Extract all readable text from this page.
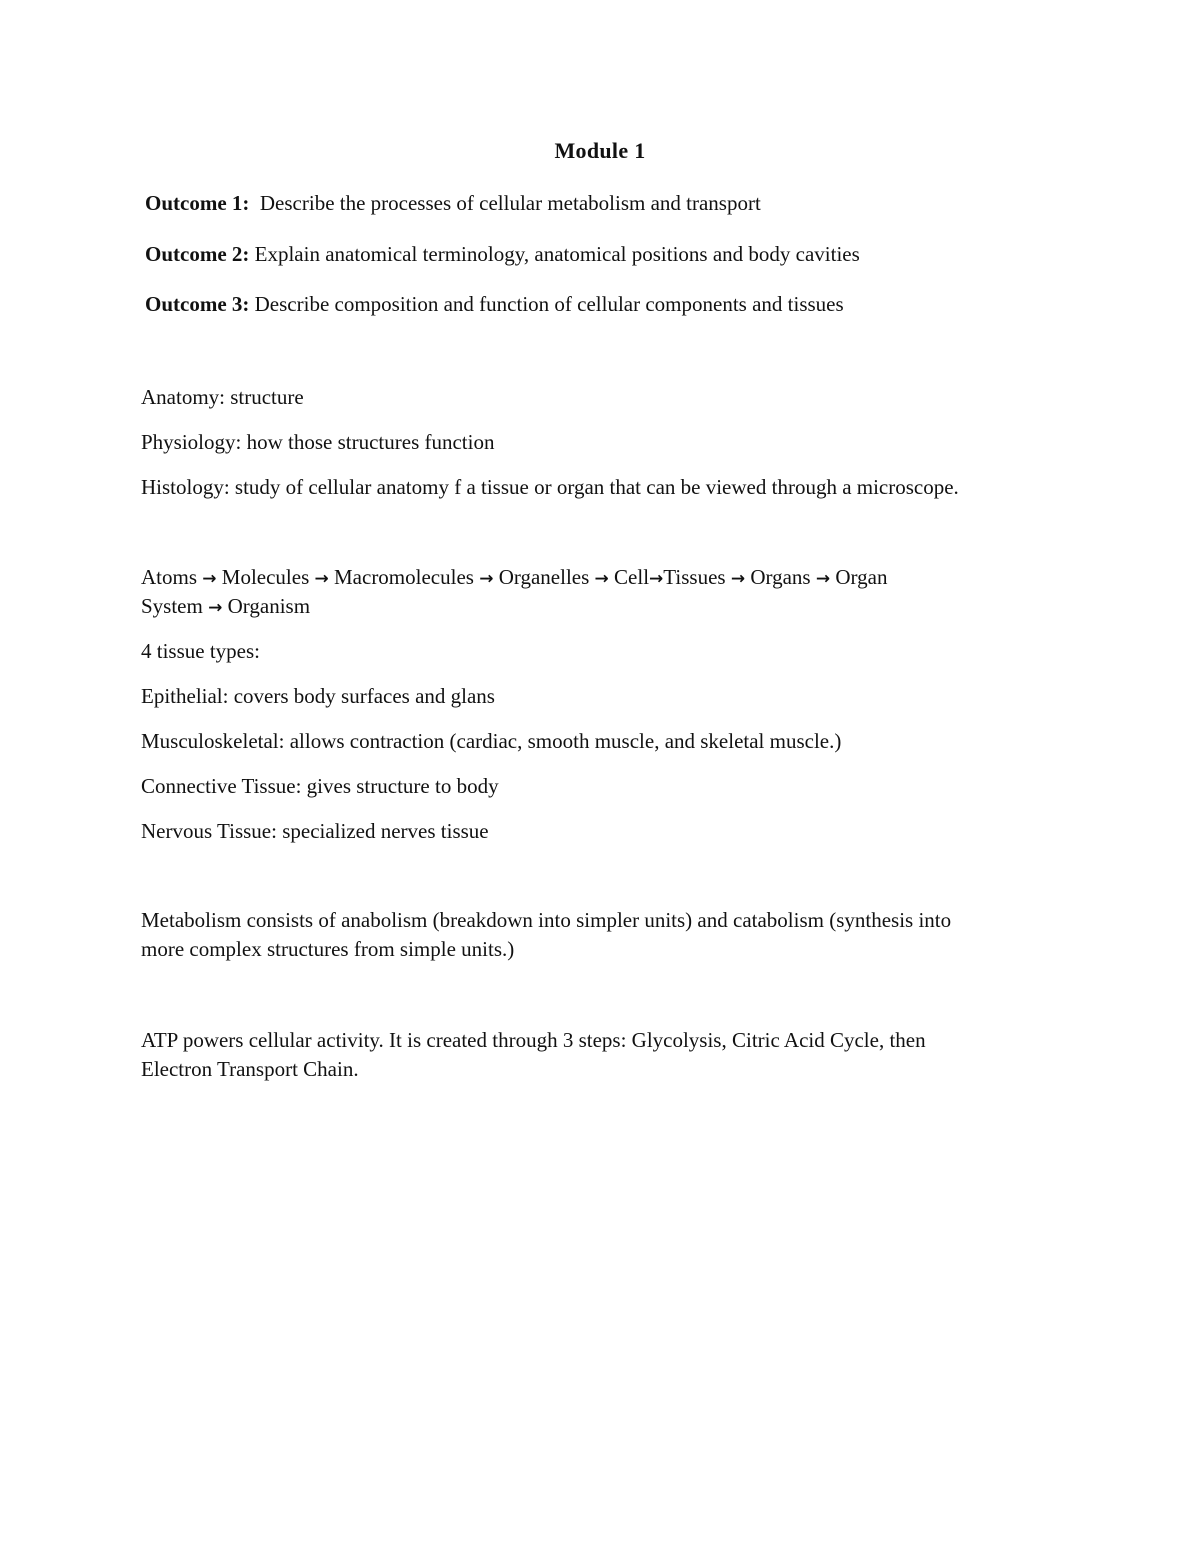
Module 1
Outcome 1:  Describe the processes of cellular metabolism and transport
Outcome 2: Explain anatomical terminology, anatomical positions and body cavities
Outcome 3: Describe composition and function of cellular components and tissues
Anatomy: structure
Physiology: how those structures function
Histology: study of cellular anatomy f a tissue or organ that can be viewed through a microscope.
Atoms → Molecules → Macromolecules → Organelles → Cell→Tissues → Organs → Organ
System → Organism
4 tissue types:
Epithelial: covers body surfaces and glans
Musculoskeletal: allows contraction (cardiac, smooth muscle, and skeletal muscle.)
Connective Tissue: gives structure to body
Nervous Tissue: specialized nerves tissue
Metabolism consists of anabolism (breakdown into simpler units) and catabolism (synthesis into
more complex structures from simple units.)
ATP powers cellular activity. It is created through 3 steps: Glycolysis, Citric Acid Cycle, then
Electron Transport Chain.
